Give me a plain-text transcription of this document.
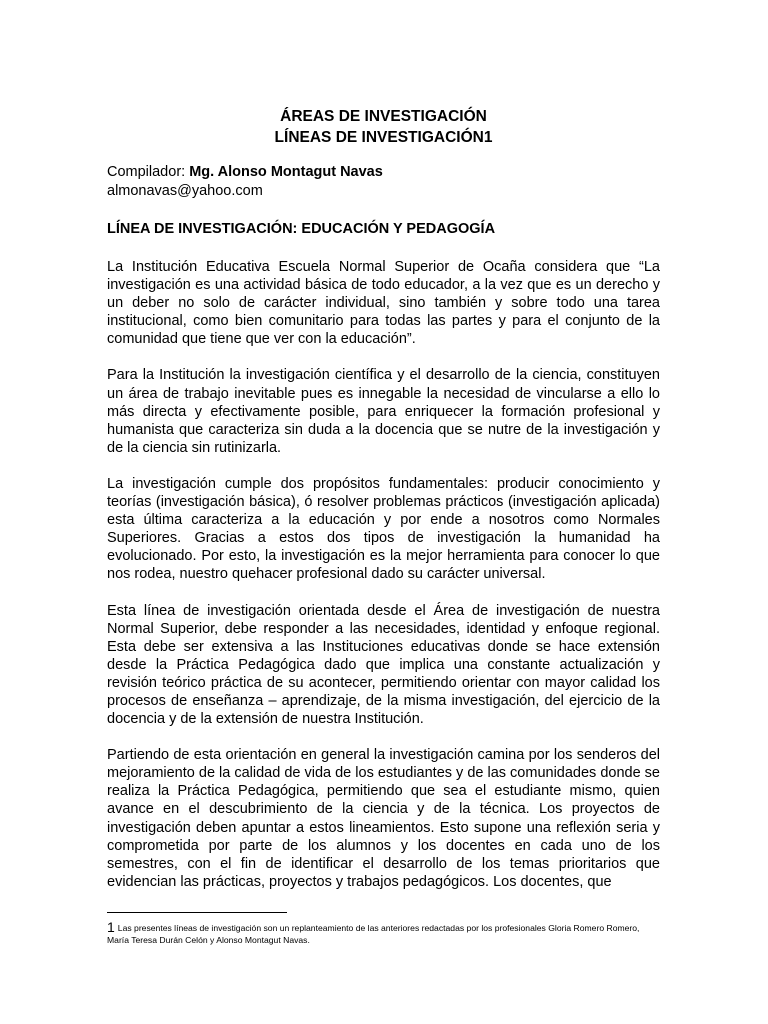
ÁREAS DE INVESTIGACIÓN
LÍNEAS DE INVESTIGACIÓN1

Compilador: Mg. Alonso Montagut Navas

almonavas@yahoo.com

LÍNEA DE INVESTIGACIÓN: EDUCACIÓN Y PEDAGOGÍA

La Institución Educativa Escuela Normal Superior de Ocaña considera que “La investigación es una actividad básica de todo educador, a la vez que es un derecho y un deber no solo de carácter individual, sino también y sobre todo una tarea institucional, como bien comunitario para todas las partes y para el conjunto de la comunidad que tiene que ver con la educación”.

Para la Institución la investigación científica y el desarrollo de la ciencia, constituyen un área de trabajo inevitable pues es innegable la necesidad de vincularse a ello lo más directa y efectivamente posible, para enriquecer la formación profesional y humanista que caracteriza sin duda a la docencia que se nutre de la investigación y de la ciencia sin rutinizarla.

La investigación cumple dos propósitos fundamentales: producir conocimiento y teorías (investigación básica), ó resolver problemas prácticos (investigación aplicada) esta última caracteriza a la educación y por ende a nosotros como Normales Superiores. Gracias a estos dos tipos de investigación la humanidad ha evolucionado. Por esto, la investigación es la mejor herramienta para conocer lo que nos rodea, nuestro quehacer profesional dado su carácter universal.

Esta línea de investigación orientada desde el Área de investigación de nuestra Normal Superior, debe responder a las necesidades, identidad y enfoque regional. Esta debe ser extensiva a las Instituciones educativas donde se hace extensión desde la Práctica Pedagógica dado que implica una constante actualización y revisión teórico práctica de su acontecer, permitiendo orientar con mayor calidad los procesos de enseñanza – aprendizaje, de la misma investigación, del ejercicio de la docencia y de la extensión de nuestra Institución.

Partiendo de esta orientación en general la investigación camina por los senderos del mejoramiento de la calidad de vida de los estudiantes y de las comunidades donde se realiza la Práctica Pedagógica, permitiendo que sea el estudiante mismo, quien avance en el descubrimiento de la ciencia y de la técnica. Los proyectos de investigación deben apuntar a estos lineamientos. Esto supone una reflexión seria y comprometida por parte de los alumnos y los docentes en cada uno de los semestres, con el fin de identificar el desarrollo de los temas prioritarios que evidencian las prácticas, proyectos y trabajos pedagógicos. Los docentes, que

1 Las presentes líneas de investigación son un replanteamiento de las anteriores redactadas por los profesionales Gloria Romero Romero, María Teresa Durán Celón y Alonso Montagut Navas.
